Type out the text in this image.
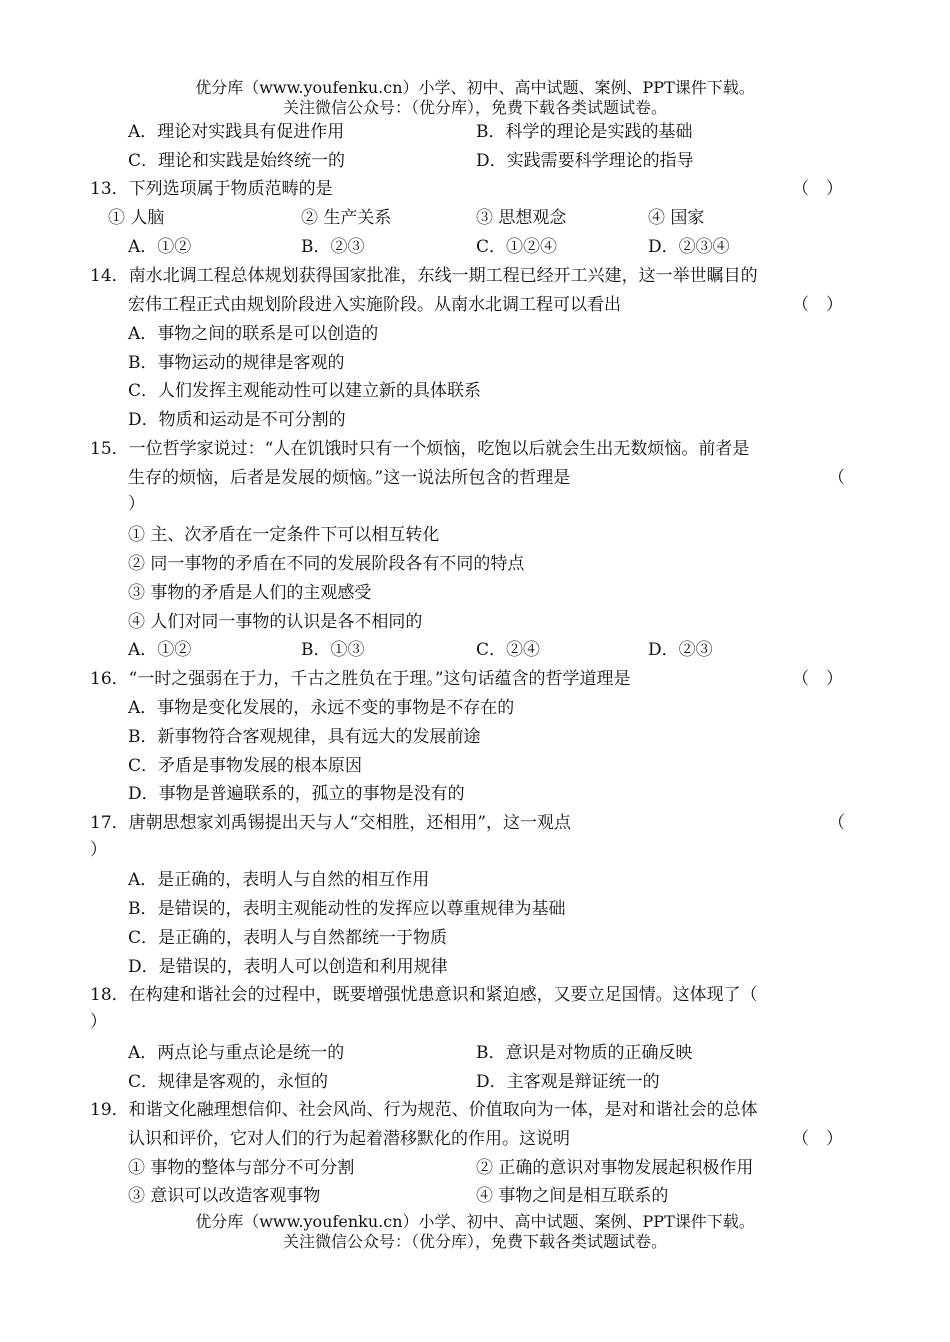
优分库（www.youfenku.cn）小学、初中、高中试题、案例、PPT课件下载。
关注微信公众号：（优分库），免费下载各类试题试卷。
A．理论对实践具有促进作用	B．科学的理论是实践的基础
C．理论和实践是始终统一的	D．实践需要科学理论的指导
13．下列选项属于物质范畴的是	（　）
① 人脑	② 生产关系	③ 思想观念	④ 国家
A．①②	B．②③	C．①②④	D．②③④
14．南水北调工程总体规划获得国家批准，东线一期工程已经开工兴建，这一举世瞩目的
宏伟工程正式由规划阶段进入实施阶段。从南水北调工程可以看出	（　）
A．事物之间的联系是可以创造的
B．事物运动的规律是客观的
C．人们发挥主观能动性可以建立新的具体联系
D．物质和运动是不可分割的
15．一位哲学家说过：“人在饥饿时只有一个烦恼，吃饱以后就会生出无数烦恼。前者是
生存的烦恼，后者是发展的烦恼。”这一说法所包含的哲理是	（
）
① 主、次矛盾在一定条件下可以相互转化
② 同一事物的矛盾在不同的发展阶段各有不同的特点
③ 事物的矛盾是人们的主观感受
④ 人们对同一事物的认识是各不相同的
A．①②	B．①③	C．②④	D．②③
16．“一时之强弱在于力，千古之胜负在于理。”这句话蕴含的哲学道理是	（　）
A．事物是变化发展的，永远不变的事物是不存在的
B．新事物符合客观规律，具有远大的发展前途
C．矛盾是事物发展的根本原因
D．事物是普遍联系的，孤立的事物是没有的
17．唐朝思想家刘禹锡提出天与人“交相胜，还相用”，这一观点	（
）
A．是正确的，表明人与自然的相互作用
B．是错误的，表明主观能动性的发挥应以尊重规律为基础
C．是正确的，表明人与自然都统一于物质
D．是错误的，表明人可以创造和利用规律
18．在构建和谐社会的过程中，既要增强忧患意识和紧迫感，又要立足国情。这体现了（
）
A．两点论与重点论是统一的	B．意识是对物质的正确反映
C．规律是客观的，永恒的	D．主客观是辩证统一的
19．和谐文化融理想信仰、社会风尚、行为规范、价值取向为一体，是对和谐社会的总体
认识和评价，它对人们的行为起着潜移默化的作用。这说明	（　）
① 事物的整体与部分不可分割	② 正确的意识对事物发展起积极作用
③ 意识可以改造客观事物	④ 事物之间是相互联系的
优分库（www.youfenku.cn）小学、初中、高中试题、案例、PPT课件下载。
关注微信公众号：（优分库），免费下载各类试题试卷。
